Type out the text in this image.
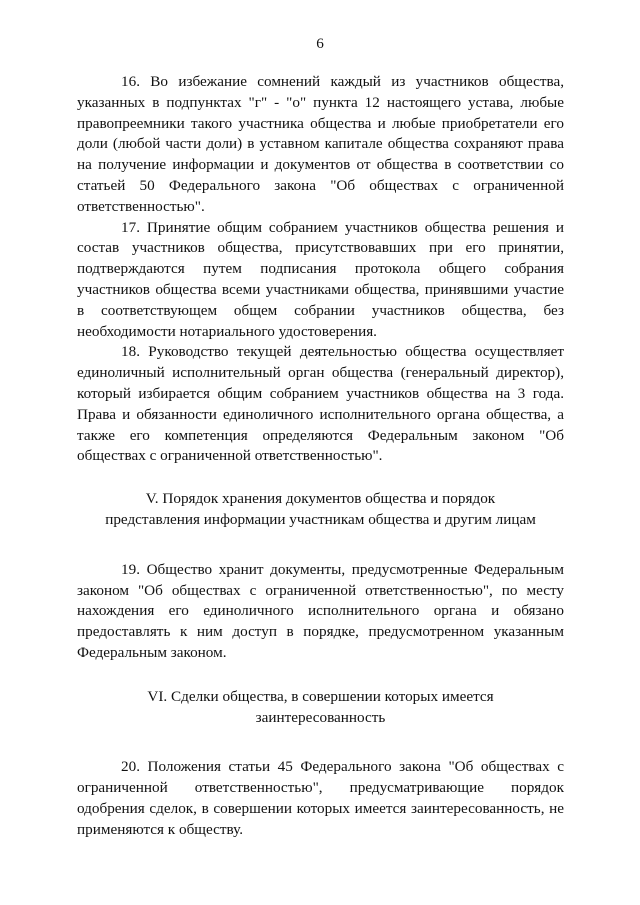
6

16. Во избежание сомнений каждый из участников общества, указанных в подпунктах "г" - "о" пункта 12 настоящего устава, любые правопреемники такого участника общества и любые приобретатели его доли (любой части доли) в уставном капитале общества сохраняют права на получение информации и документов от общества в соответствии со статьей 50 Федерального закона "Об обществах с ограниченной ответственностью".

17. Принятие общим собранием участников общества решения и состав участников общества, присутствовавших при его принятии, подтверждаются путем подписания протокола общего собрания участников общества всеми участниками общества, принявшими участие в соответствующем общем собрании участников общества, без необходимости нотариального удостоверения.

18. Руководство текущей деятельностью общества осуществляет единоличный исполнительный орган общества (генеральный директор), который избирается общим собранием участников общества на 3 года. Права и обязанности единоличного исполнительного органа общества, а также его компетенция определяются Федеральным законом "Об обществах с ограниченной ответственностью".

V. Порядок хранения документов общества и порядок
представления информации участникам общества и другим лицам

19. Общество хранит документы, предусмотренные Федеральным законом "Об обществах с ограниченной ответственностью", по месту нахождения его единоличного исполнительного органа и обязано предоставлять к ним доступ в порядке, предусмотренном указанным Федеральным законом.

VI. Сделки общества, в совершении которых имеется
заинтересованность

20. Положения статьи 45 Федерального закона "Об обществах с ограниченной ответственностью", предусматривающие порядок одобрения сделок, в совершении которых имеется заинтересованность, не применяются к обществу.
